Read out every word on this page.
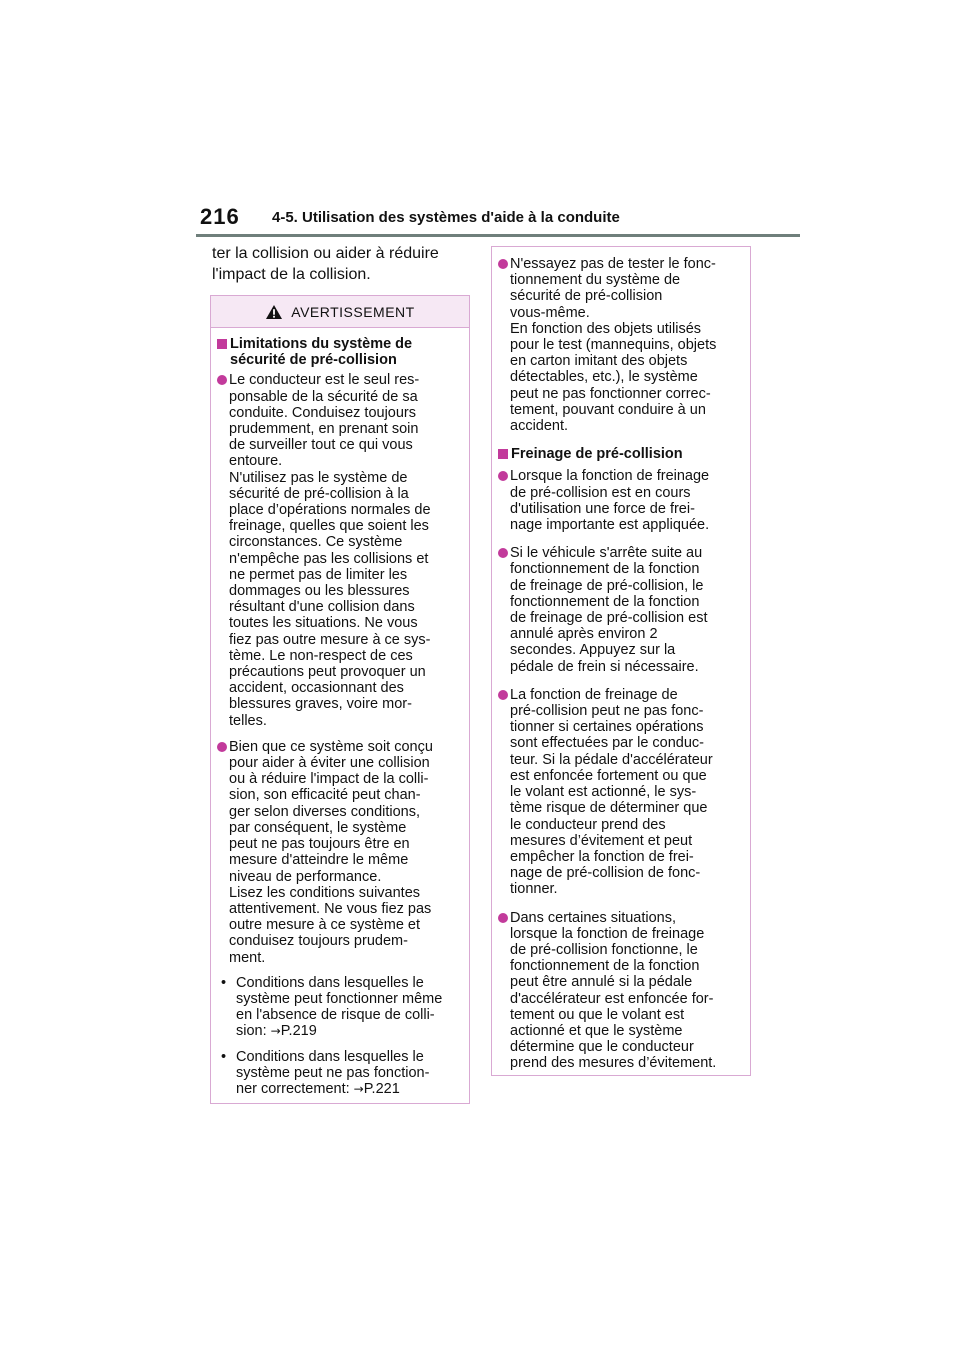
216 4-5. Utilisation des systèmes d'aide à la conduite
ter la collision ou aider à réduire
l'impact de la collision.
AVERTISSEMENT
Limitations du système de
sécurité de pré-collision
Le conducteur est le seul res-
ponsable de la sécurité de sa
conduite. Conduisez toujours
prudemment, en prenant soin
de surveiller tout ce qui vous
entoure.
N'utilisez pas le système de
sécurité de pré-collision à la
place d’opérations normales de
freinage, quelles que soient les
circonstances. Ce système
n'empêche pas les collisions et
ne permet pas de limiter les
dommages ou les blessures
résultant d'une collision dans
toutes les situations. Ne vous
fiez pas outre mesure à ce sys-
tème. Le non-respect de ces
précautions peut provoquer un
accident, occasionnant des
blessures graves, voire mor-
telles.
Bien que ce système soit conçu
pour aider à éviter une collision
ou à réduire l'impact de la colli-
sion, son efficacité peut chan-
ger selon diverses conditions,
par conséquent, le système
peut ne pas toujours être en
mesure d'atteindre le même
niveau de performance.
Lisez les conditions suivantes
attentivement. Ne vous fiez pas
outre mesure à ce système et
conduisez toujours prudem-
ment.
• Conditions dans lesquelles le
système peut fonctionner même
en l'absence de risque de colli-
sion: →P.219
• Conditions dans lesquelles le
système peut ne pas fonction-
ner correctement: →P.221
N'essayez pas de tester le fonc-
tionnement du système de
sécurité de pré-collision
vous-même.
En fonction des objets utilisés
pour le test (mannequins, objets
en carton imitant des objets
détectables, etc.), le système
peut ne pas fonctionner correc-
tement, pouvant conduire à un
accident.
Freinage de pré-collision
Lorsque la fonction de freinage
de pré-collision est en cours
d'utilisation une force de frei-
nage importante est appliquée.
Si le véhicule s'arrête suite au
fonctionnement de la fonction
de freinage de pré-collision, le
fonctionnement de la fonction
de freinage de pré-collision est
annulé après environ 2
secondes. Appuyez sur la
pédale de frein si nécessaire.
La fonction de freinage de
pré-collision peut ne pas fonc-
tionner si certaines opérations
sont effectuées par le conduc-
teur. Si la pédale d'accélérateur
est enfoncée fortement ou que
le volant est actionné, le sys-
tème risque de déterminer que
le conducteur prend des
mesures d’évitement et peut
empêcher la fonction de frei-
nage de pré-collision de fonc-
tionner.
Dans certaines situations,
lorsque la fonction de freinage
de pré-collision fonctionne, le
fonctionnement de la fonction
peut être annulé si la pédale
d'accélérateur est enfoncée for-
tement ou que le volant est
actionné et que le système
détermine que le conducteur
prend des mesures d’évitement.
